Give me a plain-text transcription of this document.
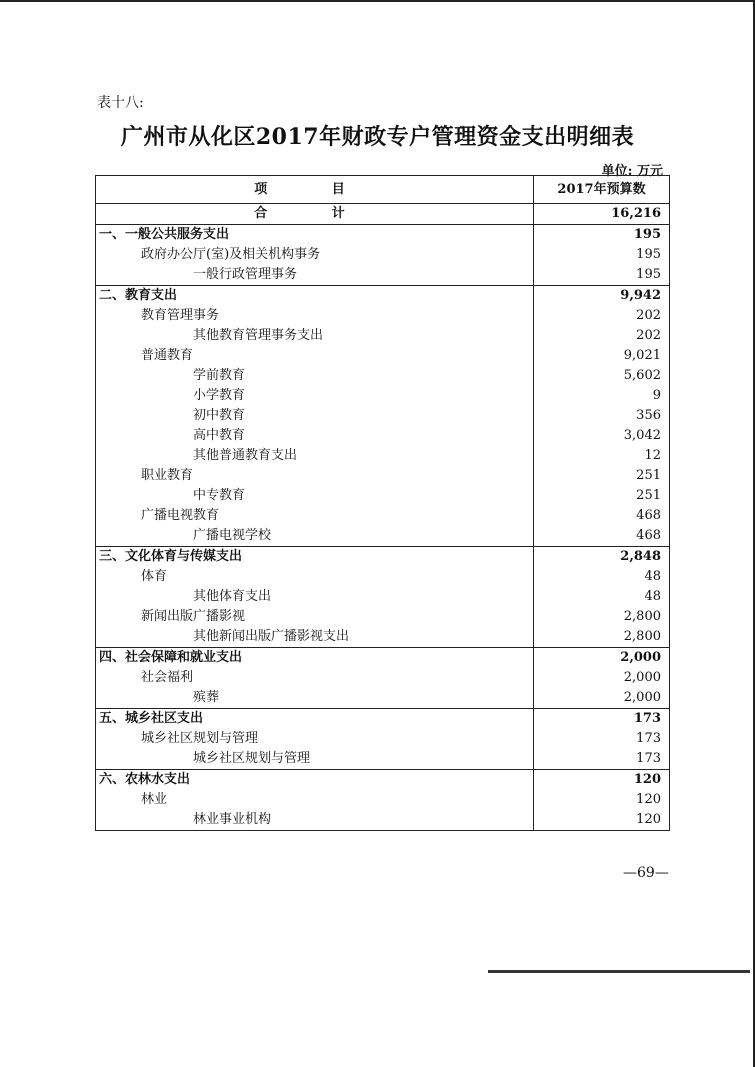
表十八:
广州市从化区2017年财政专户管理资金支出明细表
单位: 万元
项 目	2017年预算数
合 计	16,216
一、一般公共服务支出	195
政府办公厅(室)及相关机构事务	195
一般行政管理事务	195
二、教育支出	9,942
教育管理事务	202
其他教育管理事务支出	202
普通教育	9,021
学前教育	5,602
小学教育	9
初中教育	356
高中教育	3,042
其他普通教育支出	12
职业教育	251
中专教育	251
广播电视教育	468
广播电视学校	468
三、文化体育与传媒支出	2,848
体育	48
其他体育支出	48
新闻出版广播影视	2,800
其他新闻出版广播影视支出	2,800
四、社会保障和就业支出	2,000
社会福利	2,000
殡葬	2,000
五、城乡社区支出	173
城乡社区规划与管理	173
城乡社区规划与管理	173
六、农林水支出	120
林业	120
林业事业机构	120
—69—
